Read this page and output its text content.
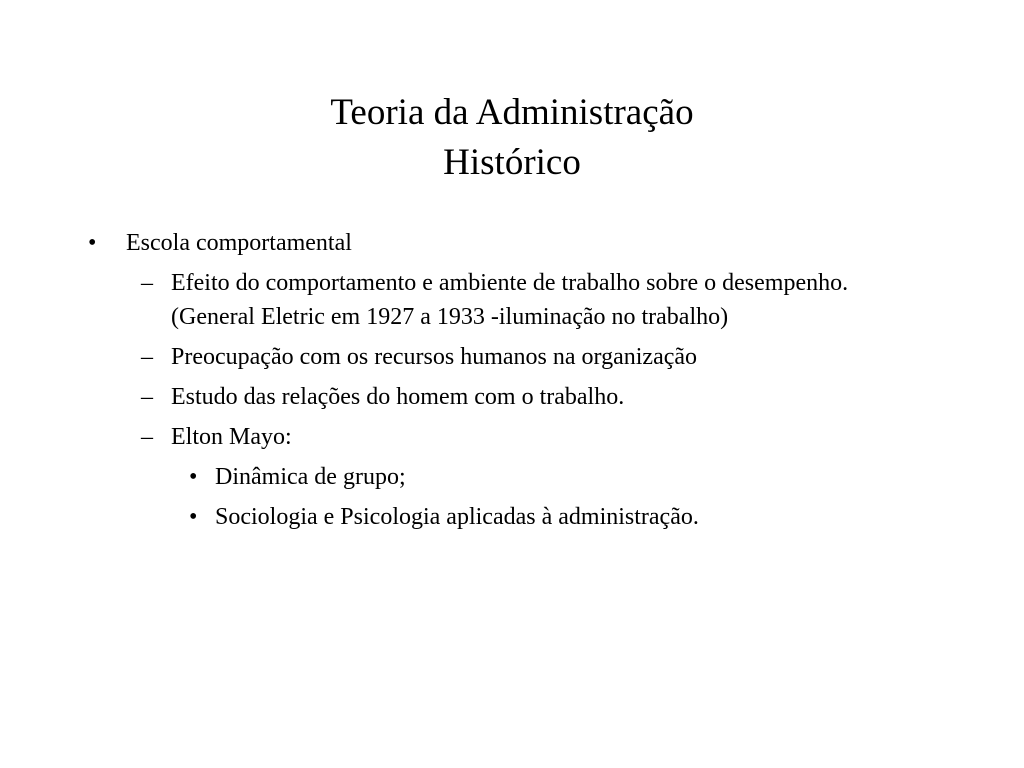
Teoria da Administração
Histórico
• Escola comportamental
– Efeito do comportamento e ambiente de trabalho sobre o desempenho. (General Eletric em 1927 a 1933 -iluminação no trabalho)
– Preocupação com os recursos humanos na organização
– Estudo das relações do homem com o trabalho.
– Elton Mayo:
• Dinâmica de grupo;
• Sociologia e Psicologia aplicadas à administração.
